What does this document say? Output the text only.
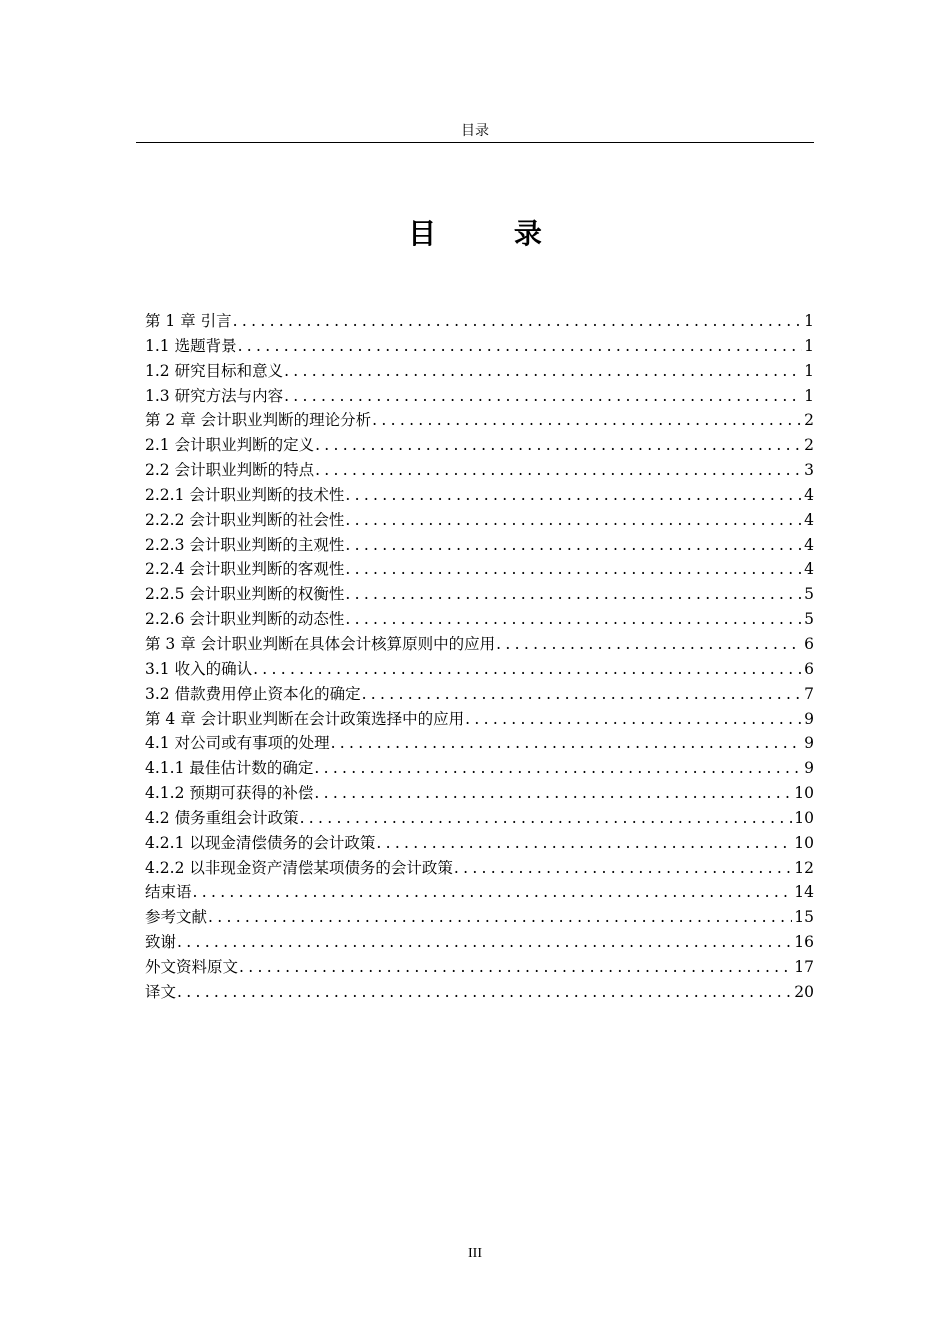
目录
目 录
第 1 章 引言 .....	1
1.1 选题背景 .....	1
1.2 研究目标和意义 .....	1
1.3 研究方法与内容 .....	1
第 2 章 会计职业判断的理论分析 .....	2
2.1 会计职业判断的定义 .....	2
2.2 会计职业判断的特点 .....	3
2.2.1 会计职业判断的技术性 .....	4
2.2.2 会计职业判断的社会性 .....	4
2.2.3 会计职业判断的主观性 .....	4
2.2.4 会计职业判断的客观性 .....	4
2.2.5 会计职业判断的权衡性 .....	5
2.2.6 会计职业判断的动态性 .....	5
第 3 章 会计职业判断在具体会计核算原则中的应用 .....	6
3.1 收入的确认 .....	6
3.2 借款费用停止资本化的确定 .....	7
第 4 章 会计职业判断在会计政策选择中的应用 .....	9
4.1 对公司或有事项的处理 .....	9
4.1.1 最佳估计数的确定 .....	9
4.1.2 预期可获得的补偿 .....	10
4.2 债务重组会计政策 .....	10
4.2.1 以现金清偿债务的会计政策 .....	10
4.2.2 以非现金资产清偿某项债务的会计政策 .....	12
结束语 .....	14
参考文献 .....	15
致谢 .....	16
外文资料原文 .....	17
译文 .....	20
III
